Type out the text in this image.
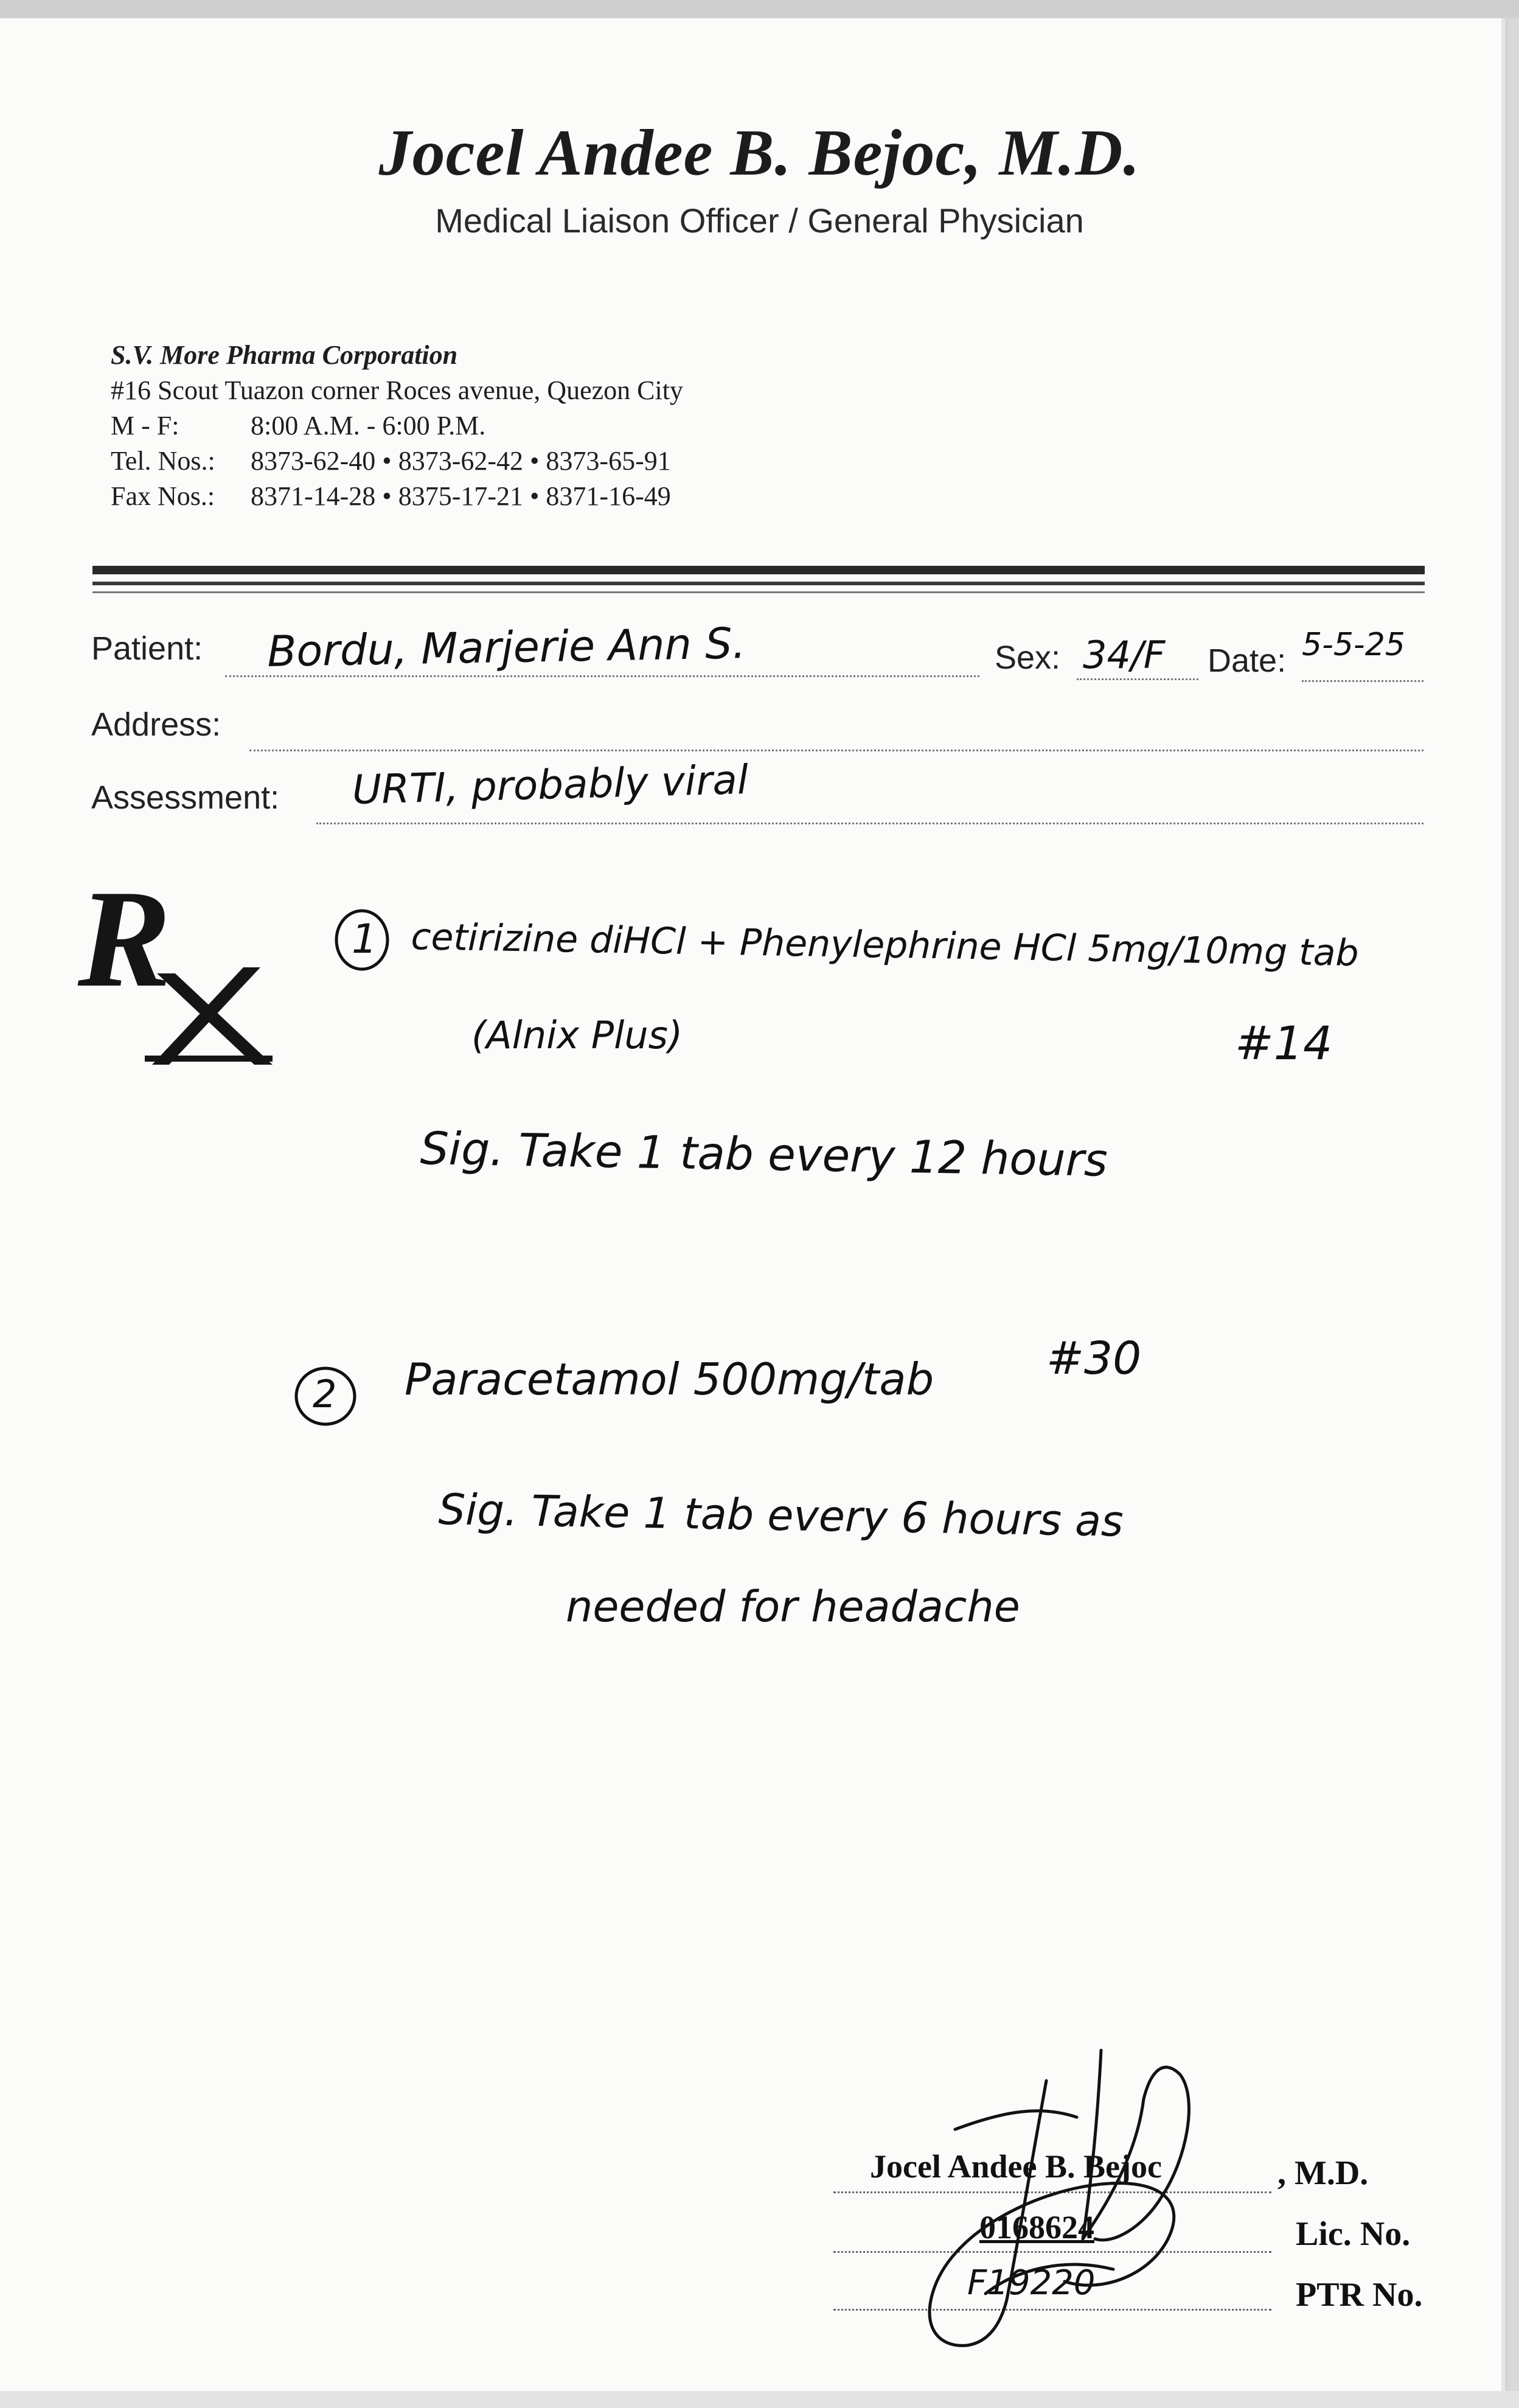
Jocel Andee B. Bejoc, M.D.
Medical Liaison Officer / General Physician
S.V. More Pharma Corporation
#16 Scout Tuazon corner Roces avenue, Quezon City
M - F:	8:00 A.M. - 6:00 P.M.
Tel. Nos.:	8373-62-40 • 8373-62-42 • 8373-65-91
Fax Nos.:	8371-14-28 • 8375-17-21 • 8371-16-49
Patient: Bordu, Marjerie Ann S.	Sex: 34/F Date: 5-5-25
Address:
Assessment: URTI, probably viral
R	1 cetirizine diHCl + Phenylephrine HCl 5mg/10mg tab
(Alnix Plus)	#14
Sig. Take 1 tab every 12 hours
2 Paracetamol 500mg/tab #30
Sig. Take 1 tab every 6 hours as
needed for headache
Jocel Andee B. Bejoc	, M.D.
0168624	Lic. No.
F19220	PTR No.
